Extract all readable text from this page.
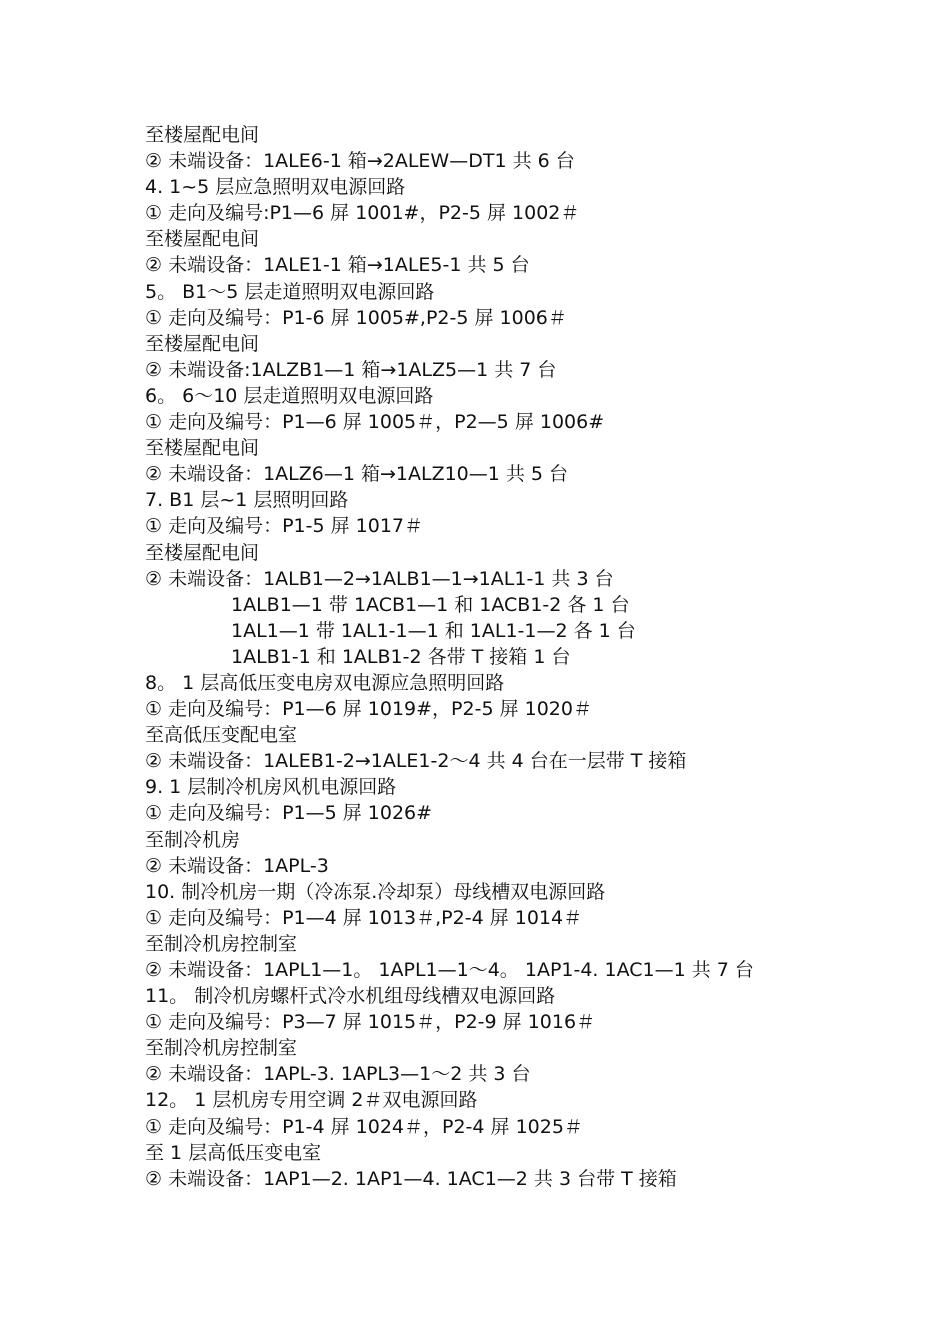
至楼屋配电间
② 未端设备：1ALE6-1 箱→2ALEW—DT1 共 6 台
4. 1~5 层应急照明双电源回路
① 走向及编号:P1—6 屏 1001#，P2-5 屏 1002＃
至楼屋配电间
② 未端设备：1ALE1-1 箱→1ALE5-1 共 5 台
5。 B1～5 层走道照明双电源回路
① 走向及编号：P1-6 屏 1005#,P2-5 屏 1006＃
至楼屋配电间
② 未端设备:1ALZB1—1 箱→1ALZ5—1 共 7 台
6。 6～10 层走道照明双电源回路
① 走向及编号：P1—6 屏 1005＃，P2—5 屏 1006#
至楼屋配电间
② 未端设备：1ALZ6—1 箱→1ALZ10—1 共 5 台
7. B1 层~1 层照明回路
① 走向及编号：P1-5 屏 1017＃
至楼屋配电间
② 未端设备：1ALB1—2→1ALB1—1→1AL1-1 共 3 台
1ALB1—1 带 1ACB1—1 和 1ACB1-2 各 1 台
1AL1—1 带 1AL1-1—1 和 1AL1-1—2 各 1 台
1ALB1-1 和 1ALB1-2 各带 T 接箱 1 台
8。 1 层高低压变电房双电源应急照明回路
① 走向及编号：P1—6 屏 1019#，P2-5 屏 1020＃
至高低压变配电室
② 未端设备：1ALEB1-2→1ALE1-2～4 共 4 台在一层带 T 接箱
9. 1 层制冷机房风机电源回路
① 走向及编号：P1—5 屏 1026#
至制冷机房
② 未端设备：1APL-3
10. 制冷机房一期（冷冻泵.冷却泵）母线槽双电源回路
① 走向及编号：P1—4 屏 1013＃,P2-4 屏 1014＃
至制冷机房控制室
② 未端设备：1APL1—1。 1APL1—1～4。 1AP1-4. 1AC1—1 共 7 台
11。 制冷机房螺杆式冷水机组母线槽双电源回路
① 走向及编号：P3—7 屏 1015＃，P2-9 屏 1016＃
至制冷机房控制室
② 未端设备：1APL-3. 1APL3—1～2 共 3 台
12。 1 层机房专用空调 2＃双电源回路
① 走向及编号：P1-4 屏 1024＃，P2-4 屏 1025＃
至 1 层高低压变电室
② 未端设备：1AP1—2. 1AP1—4. 1AC1—2 共 3 台带 T 接箱
